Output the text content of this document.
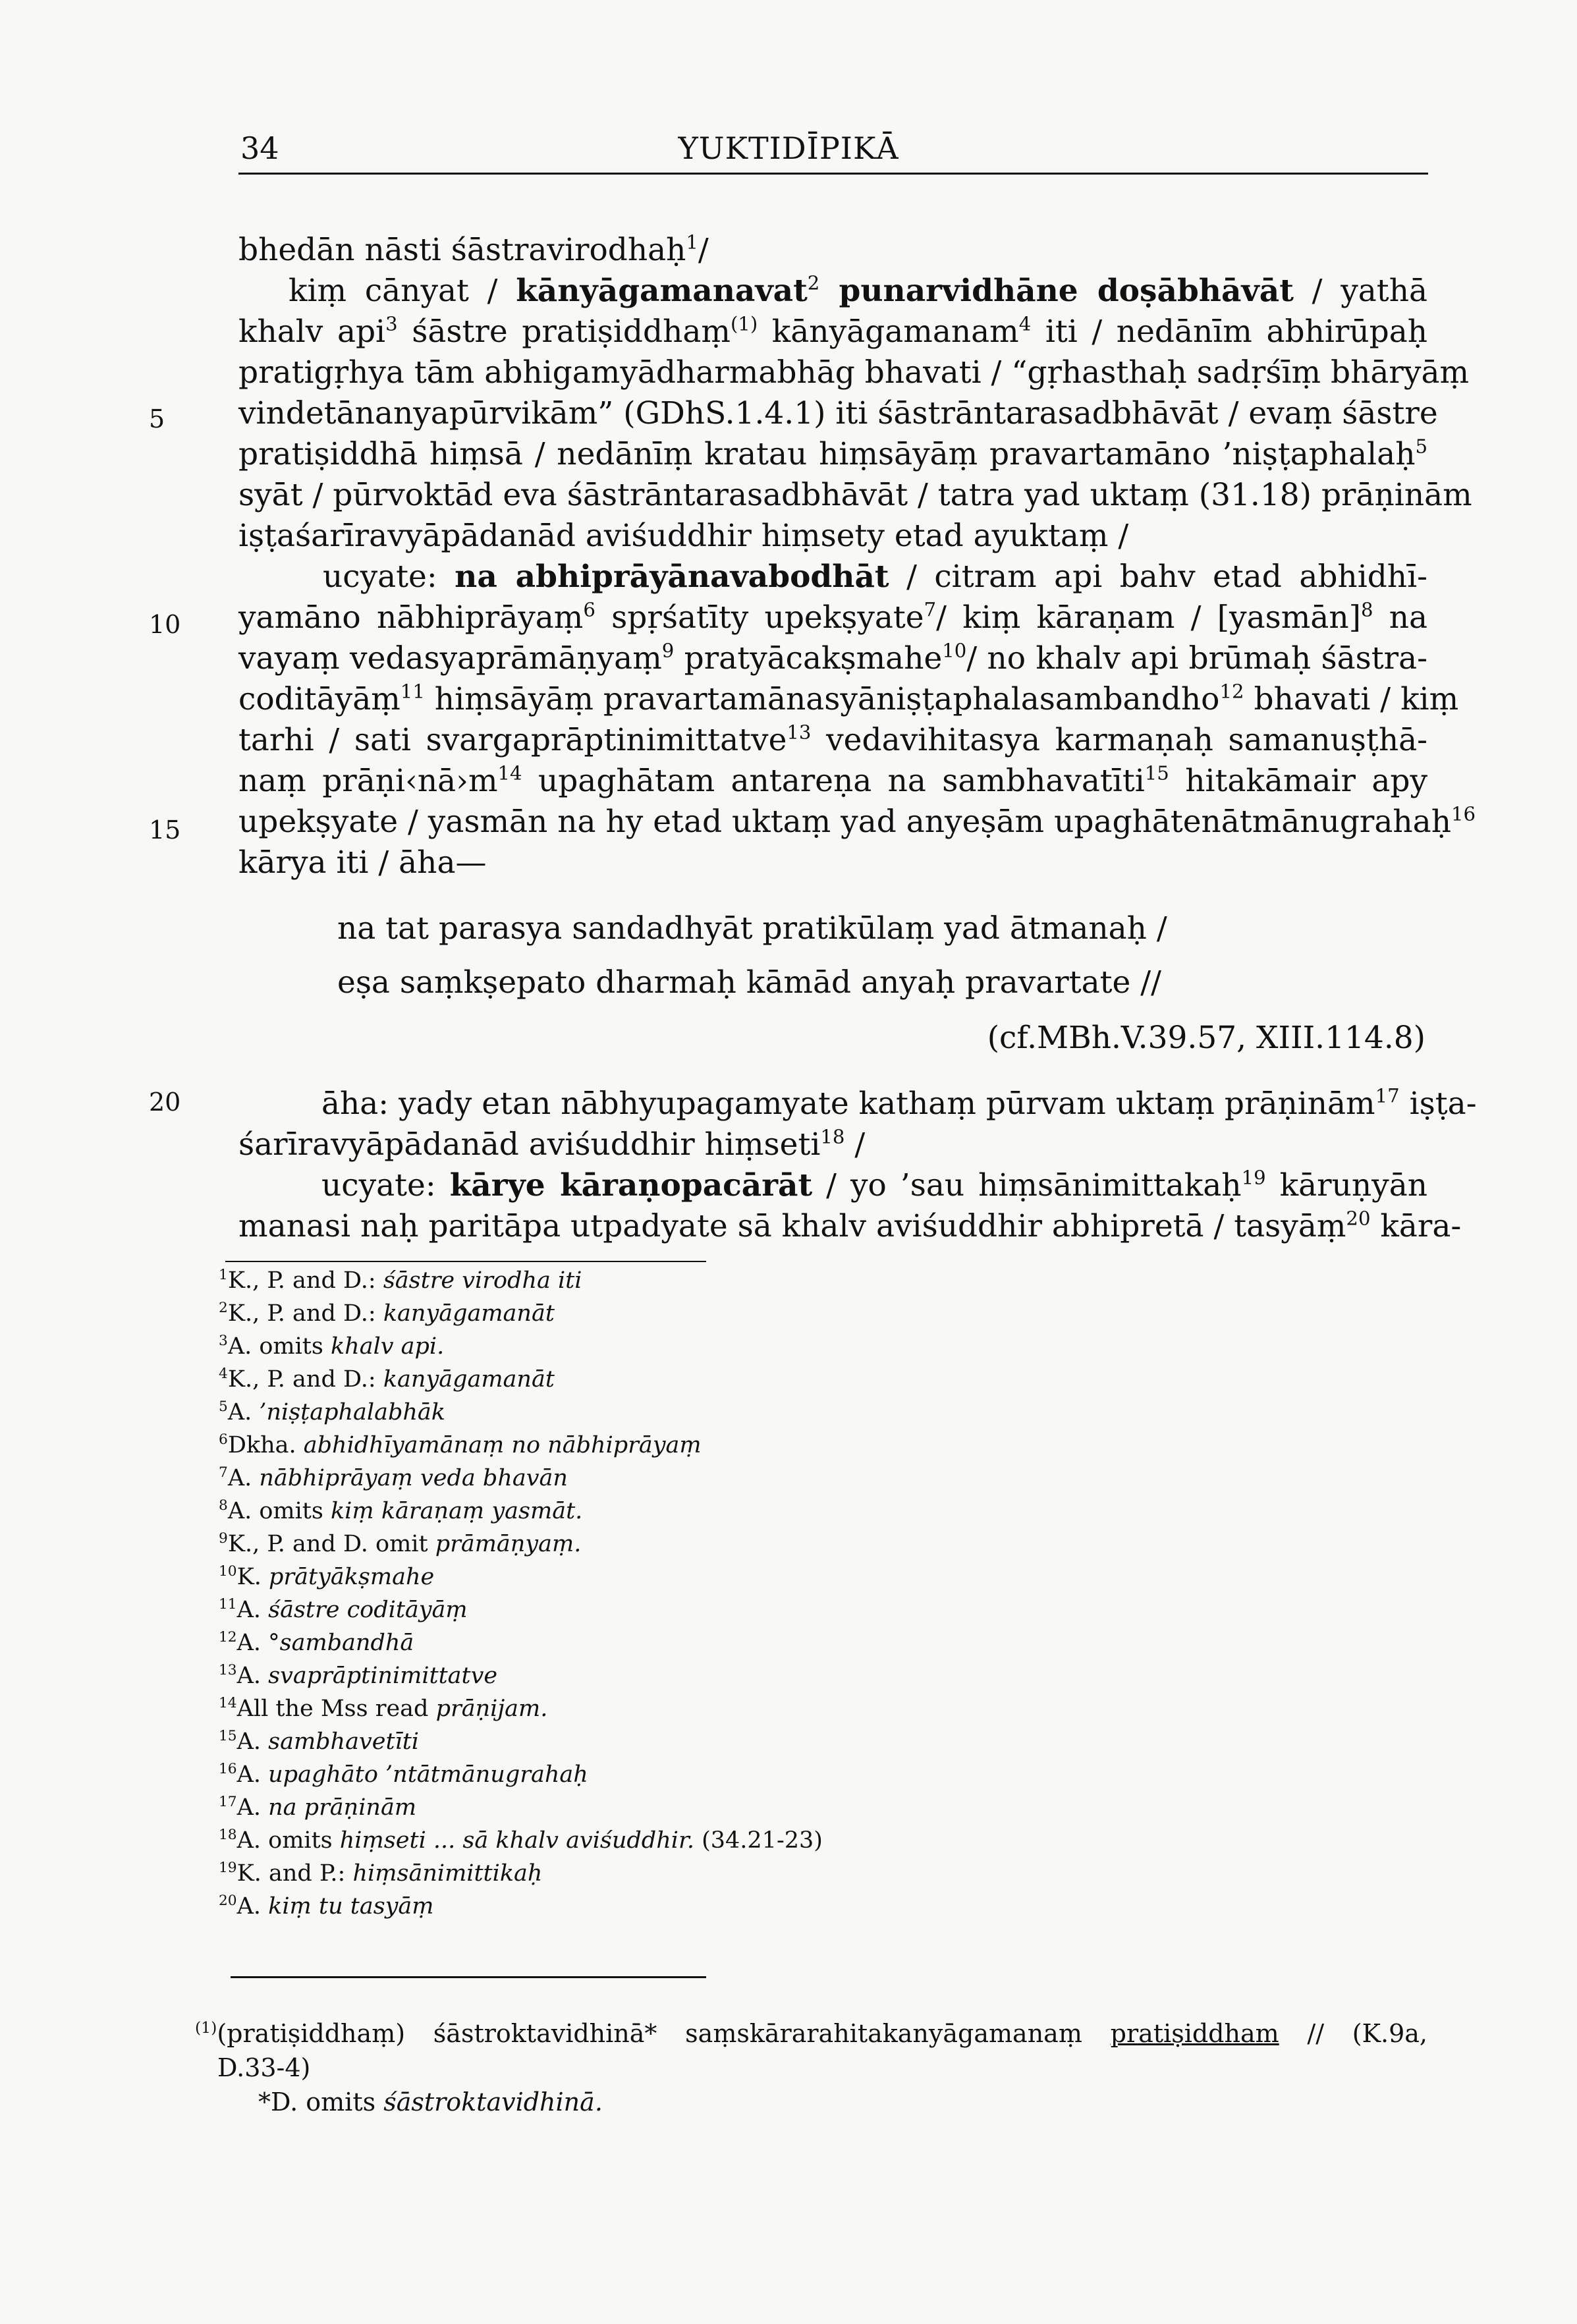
34	YUKTIDĪPIKĀ
5
10
15
20
bhedān nāsti śāstravirodhaḥ$^1$/
kiṃ cānyat / kānyāgamanavat$^2$ punarvidhāne doṣābhāvāt / yathā
khalv api$^3$ śāstre pratiṣiddhaṃ$^{(1)}$ kānyāgamanam$^4$ iti / nedānīm abhirūpaḥ
pratigṛhya tām abhigamyādharmabhāg bhavati / “gṛhasthaḥ sadṛśīṃ bhāryāṃ
vindetānanyapūrvikām” (GDhS.1.4.1) iti śāstrāntarasadbhāvāt / evaṃ śāstre
pratiṣiddhā hiṃsā / nedānīṃ kratau hiṃsāyāṃ pravartamāno ’niṣṭaphalaḥ$^5$
syāt / pūrvoktād eva śāstrāntarasadbhāvāt / tatra yad uktaṃ (31.18) prāṇinām
iṣṭaśarīravyāpādanād aviśuddhir hiṃsety etad ayuktaṃ /
ucyate: na abhiprāyānavabodhāt / citram api bahv etad abhidhī-
yamāno nābhiprāyaṃ$^6$ spṛśatīty upekṣyate$^7$/ kiṃ kāraṇam / [yasmān]$^8$ na
vayaṃ vedasyaprāmāṇyaṃ$^9$ pratyācakṣmahe$^{10}$/ no khalv api brūmaḥ śāstra-
coditāyāṃ$^{11}$ hiṃsāyāṃ pravartamānasyāniṣṭaphalasambandho$^{12}$ bhavati / kiṃ
tarhi / sati svargaprāptinimittatve$^{13}$ vedavihitasya karmaṇaḥ samanuṣṭhā-
naṃ $prāṇi‹nā›m^{14}$ upaghātam antareṇa na sambhavatīti$^{15}$ hitakāmair apy
upekṣyate / yasmān na hy etad uktaṃ yad anyeṣām upaghātenātmānugrahaḥ$^{16}$
kārya iti / āha—
na tat parasya sandadhyāt pratikūlaṃ yad ātmanaḥ /
eṣa saṃkṣepato dharmaḥ kāmād anyaḥ pravartate //
(cf.MBh.V.39.57, XIII.114.8)
āha: yady etan nābhyupagamyate kathaṃ pūrvam uktaṃ prāṇinām$^{17}$ iṣṭa-
śarīravyāpādanād aviśuddhir hiṃseti$^{18}$ /
ucyate: kārye kāraṇopacārāt / yo ’sau hiṃsānimittakaḥ$^{19}$ kāruṇyān
manasi naḥ paritāpa utpadyate sā khalv aviśuddhir abhipretā / tasyāṃ$^{20}$ kāra-
$^1$K., P. and D.: śāstre virodha iti
$^2$K., P. and D.: kanyāgamanāt
$^3$A. omits khalv api.
$^4$K., P. and D.: kanyāgamanāt
$^5$A. ’niṣṭaphalabhāk
$^6$Dkha. abhidhīyamānaṃ no nābhiprāyaṃ
$^7$A. nābhiprāyaṃ veda bhavān
$^8$A. omits kiṃ kāraṇaṃ yasmāt.
$^9$K., P. and D. omit prāmāṇyaṃ.
$^{10}$K. prātyākṣmahe
$^{11}$A. śāstre coditāyāṃ
$^{12}$A. °sambandhā
$^{13}$A. svaprāptinimittatve
$^{14}$All the Mss read prāṇijam.
$^{15}$A. sambhavetīti
$^{16}$A. upaghāto ’ntātmānugrahaḥ
$^{17}$A. na prāṇinām
$^{18}$A. omits hiṃseti ... sā khalv aviśuddhir. (34.21-23)
$^{19}$K. and P.: hiṃsānimittikaḥ
$^{20}$A. kiṃ tu tasyāṃ
$^{(1)}$(pratiṣiddhaṃ) śāstroktavidhinā* saṃskārarahitakanyāgamanaṃ pratiṣiddham // (K.9a,
D.33-4)
*D. omits śāstroktavidhinā.
